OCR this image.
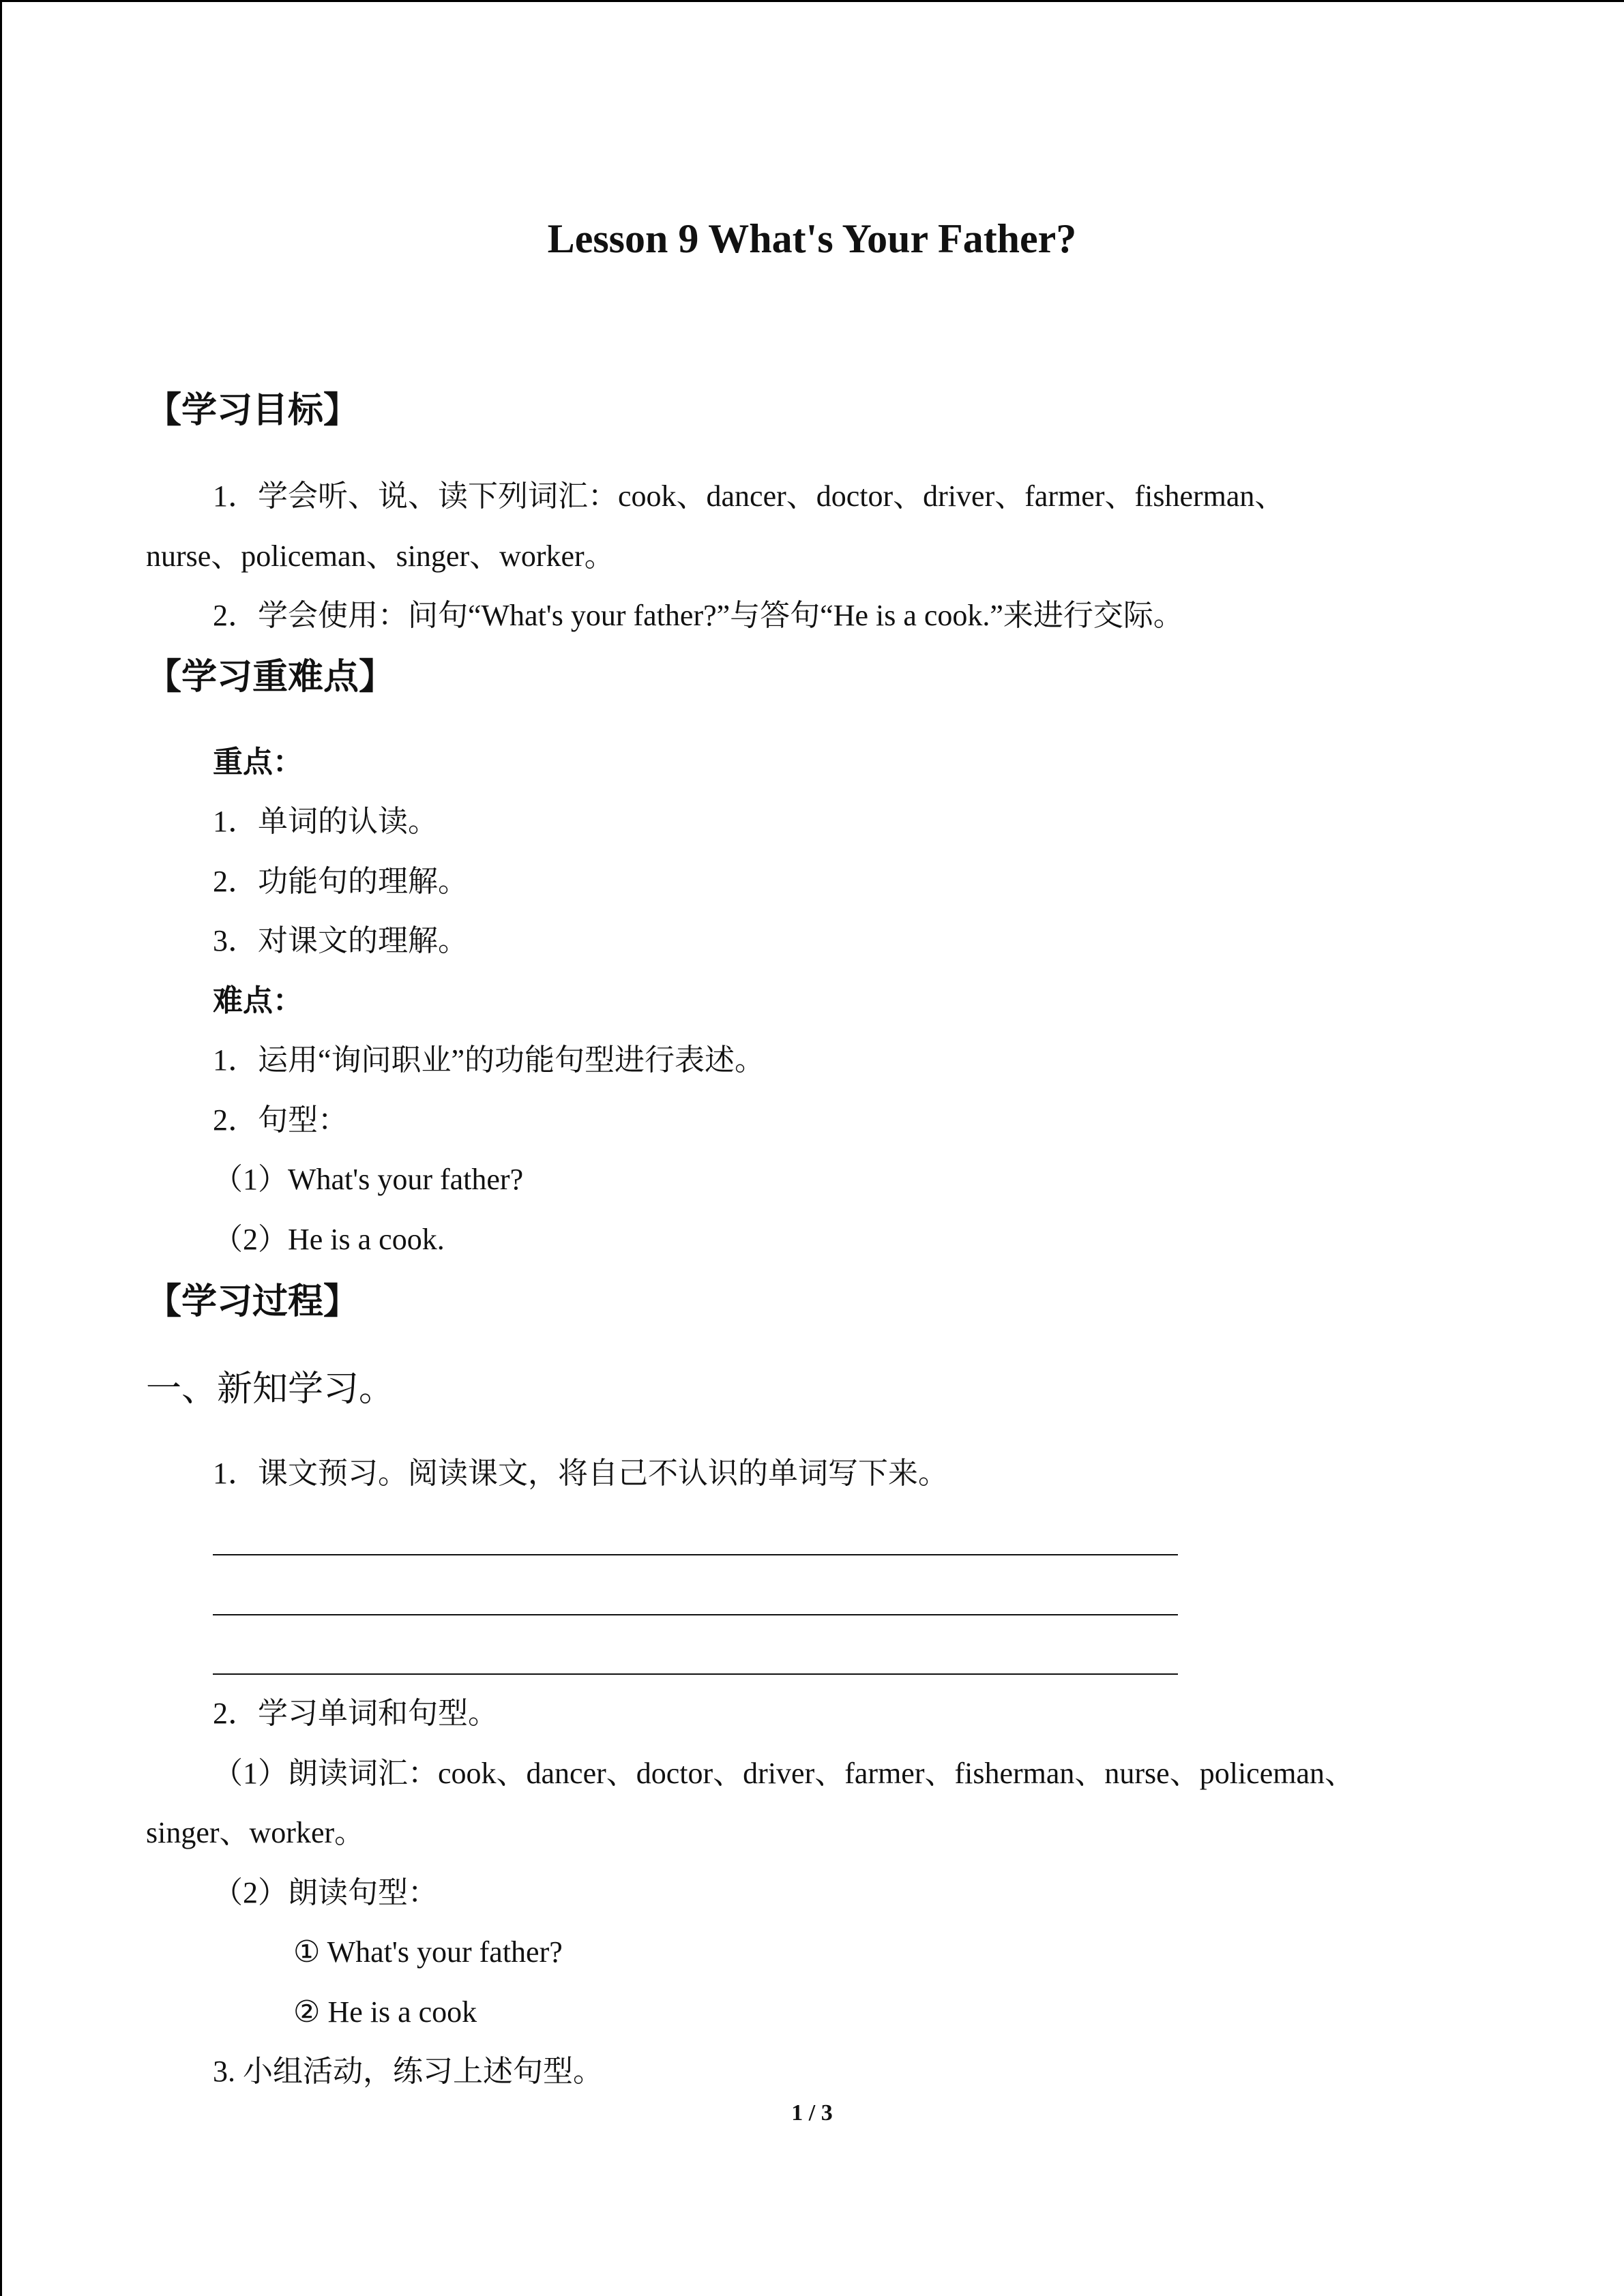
Lesson 9 What's Your Father?
【学习目标】
1．学会听、说、读下列词汇：cook、dancer、doctor、driver、farmer、fisherman、
nurse、policeman、singer、worker。
2．学会使用：问句“What's your father?”与答句“He is a cook.”来进行交际。
【学习重难点】
重点：
1．单词的认读。
2．功能句的理解。
3．对课文的理解。
难点：
1．运用“询问职业”的功能句型进行表述。
2．句型：
（1）What's your father?
（2）He is a cook.
【学习过程】
一、新知学习。
1．课文预习。阅读课文，将自己不认识的单词写下来。
2．学习单词和句型。
（1）朗读词汇：cook、dancer、doctor、driver、farmer、fisherman、nurse、policeman、
singer、worker。
（2）朗读句型：
① What's your father?
② He is a cook
3. 小组活动，练习上述句型。
1 / 3
